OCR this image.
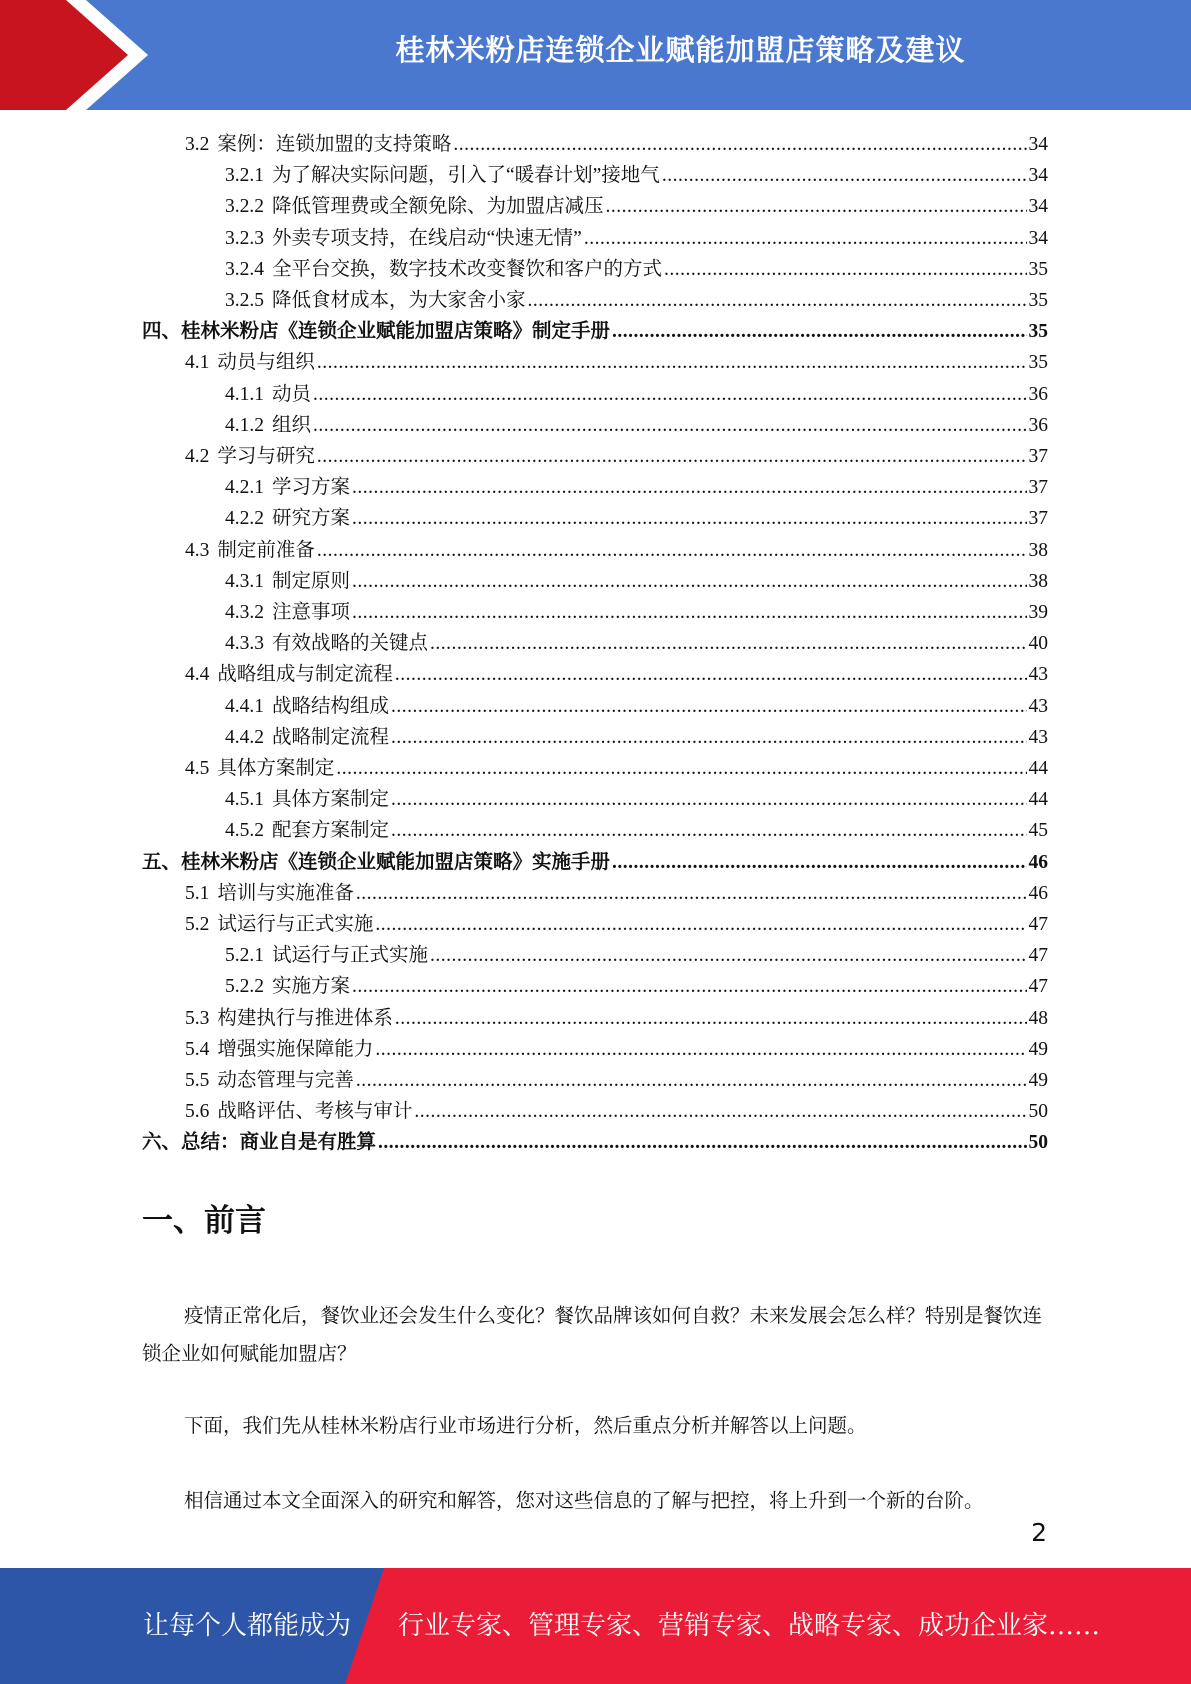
桂林米粉店连锁企业赋能加盟店策略及建议
3.2 案例：连锁加盟的支持策略 .....	34
3.2.1 为了解决实际问题，引入了“暖春计划”接地气 .....	34
3.2.2 降低管理费或全额免除、为加盟店减压 .....	34
3.2.3 外卖专项支持，在线启动“快速无情” .....	34
3.2.4 全平台交换，数字技术改变餐饮和客户的方式 .....	35
3.2.5 降低食材成本，为大家舍小家 .....	35
四、桂林米粉店《连锁企业赋能加盟店策略》制定手册 .....	35
4.1 动员与组织 .....	35
4.1.1 动员 .....	36
4.1.2 组织 .....	36
4.2 学习与研究 .....	37
4.2.1 学习方案 .....	37
4.2.2 研究方案 .....	37
4.3 制定前准备 .....	38
4.3.1 制定原则 .....	38
4.3.2 注意事项 .....	39
4.3.3 有效战略的关键点 .....	40
4.4 战略组成与制定流程 .....	43
4.4.1 战略结构组成 .....	43
4.4.2 战略制定流程 .....	43
4.5 具体方案制定 .....	44
4.5.1 具体方案制定 .....	44
4.5.2 配套方案制定 .....	45
五、桂林米粉店《连锁企业赋能加盟店策略》实施手册 .....	46
5.1 培训与实施准备 .....	46
5.2 试运行与正式实施 .....	47
5.2.1 试运行与正式实施 .....	47
5.2.2 实施方案 .....	47
5.3 构建执行与推进体系 .....	48
5.4 增强实施保障能力 .....	49
5.5 动态管理与完善 .....	49
5.6 战略评估、考核与审计 .....	50
六、总结：商业自是有胜算 .....	50
一、前言

疫情正常化后，餐饮业还会发生什么变化？餐饮品牌该如何自救？未来发展会怎么样？特别是餐饮连锁企业如何赋能加盟店？

下面，我们先从桂林米粉店行业市场进行分析，然后重点分析并解答以上问题。

相信通过本文全面深入的研究和解答，您对这些信息的了解与把控，将上升到一个新的台阶。

2
让每个人都能成为 行业专家、管理专家、营销专家、战略专家、成功企业家……
